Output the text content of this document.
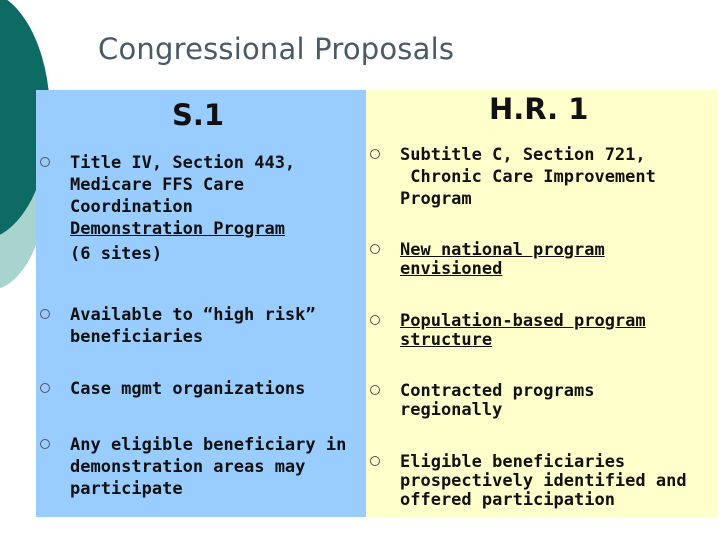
Congressional Proposals
S.1	H.R. 1
Title IV, Section 443,
Medicare FFS Care
Coordination
Demonstration Program
(6 sites)
Available to “high risk”
beneficiaries
Case mgmt organizations
Any eligible beneficiary in
demonstration areas may
participate
Subtitle C, Section 721,
Chronic Care Improvement
Program
New national program
envisioned
Population-based program
structure
Contracted programs
regionally
Eligible beneficiaries
prospectively identified and
offered participation
